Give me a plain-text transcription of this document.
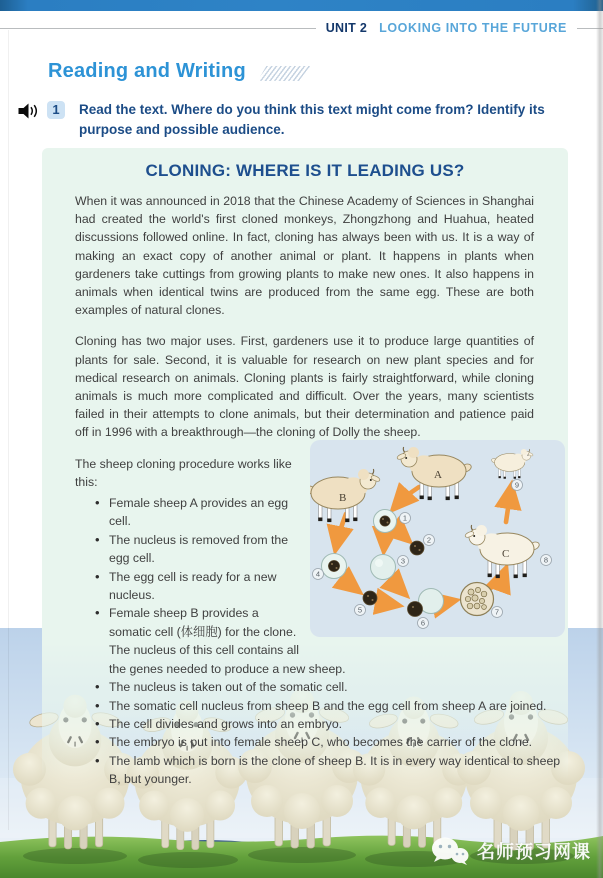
UNIT 2 LOOKING INTO THE FUTURE
Reading and Writing
1	Read the text. Where do you think this text might come from? Identify its purpose and possible audience.

CLONING: WHERE IS IT LEADING US?

When it was announced in 2018 that the Chinese Academy of Sciences in Shanghai had created the world's first cloned monkeys, Zhongzhong and Huahua, heated discussions followed online. In fact, cloning has always been with us. It is a way of making an exact copy of another animal or plant. It happens in plants when gardeners take cuttings from growing plants to make new ones. It also happens in animals when identical twins are produced from the same egg. These are both examples of natural clones.

Cloning has two major uses. First, gardeners use it to produce large quantities of plants for sale. Second, it is valuable for research on new plant species and for medical research on animals. Cloning plants is fairly straightforward, while cloning animals is much more complicated and difficult. Over the years, many scientists failed in their attempts to clone animals, but their determination and patience paid off in 1996 with a breakthrough—the cloning of Dolly the sheep.

A
B
C
1
2
3
4
5
6
7
8
9

The sheep cloning procedure works like this:

• Female sheep A provides an egg cell.
• The nucleus is removed from the egg cell.
• The egg cell is ready for a new nucleus.
• Female sheep B provides a somatic cell (体细胞) for the clone. The nucleus of this cell contains all the genes needed to produce a new sheep.
• The nucleus is taken out of the somatic cell.
• The somatic cell nucleus from sheep B and the egg cell from sheep A are joined.
• The cell divides and grows into an embryo.
• The embryo is put into female sheep C, who becomes the carrier of the clone.
• The lamb which is born is the clone of sheep B. It is in every way identical to sheep B, but younger.
名师预习网课
